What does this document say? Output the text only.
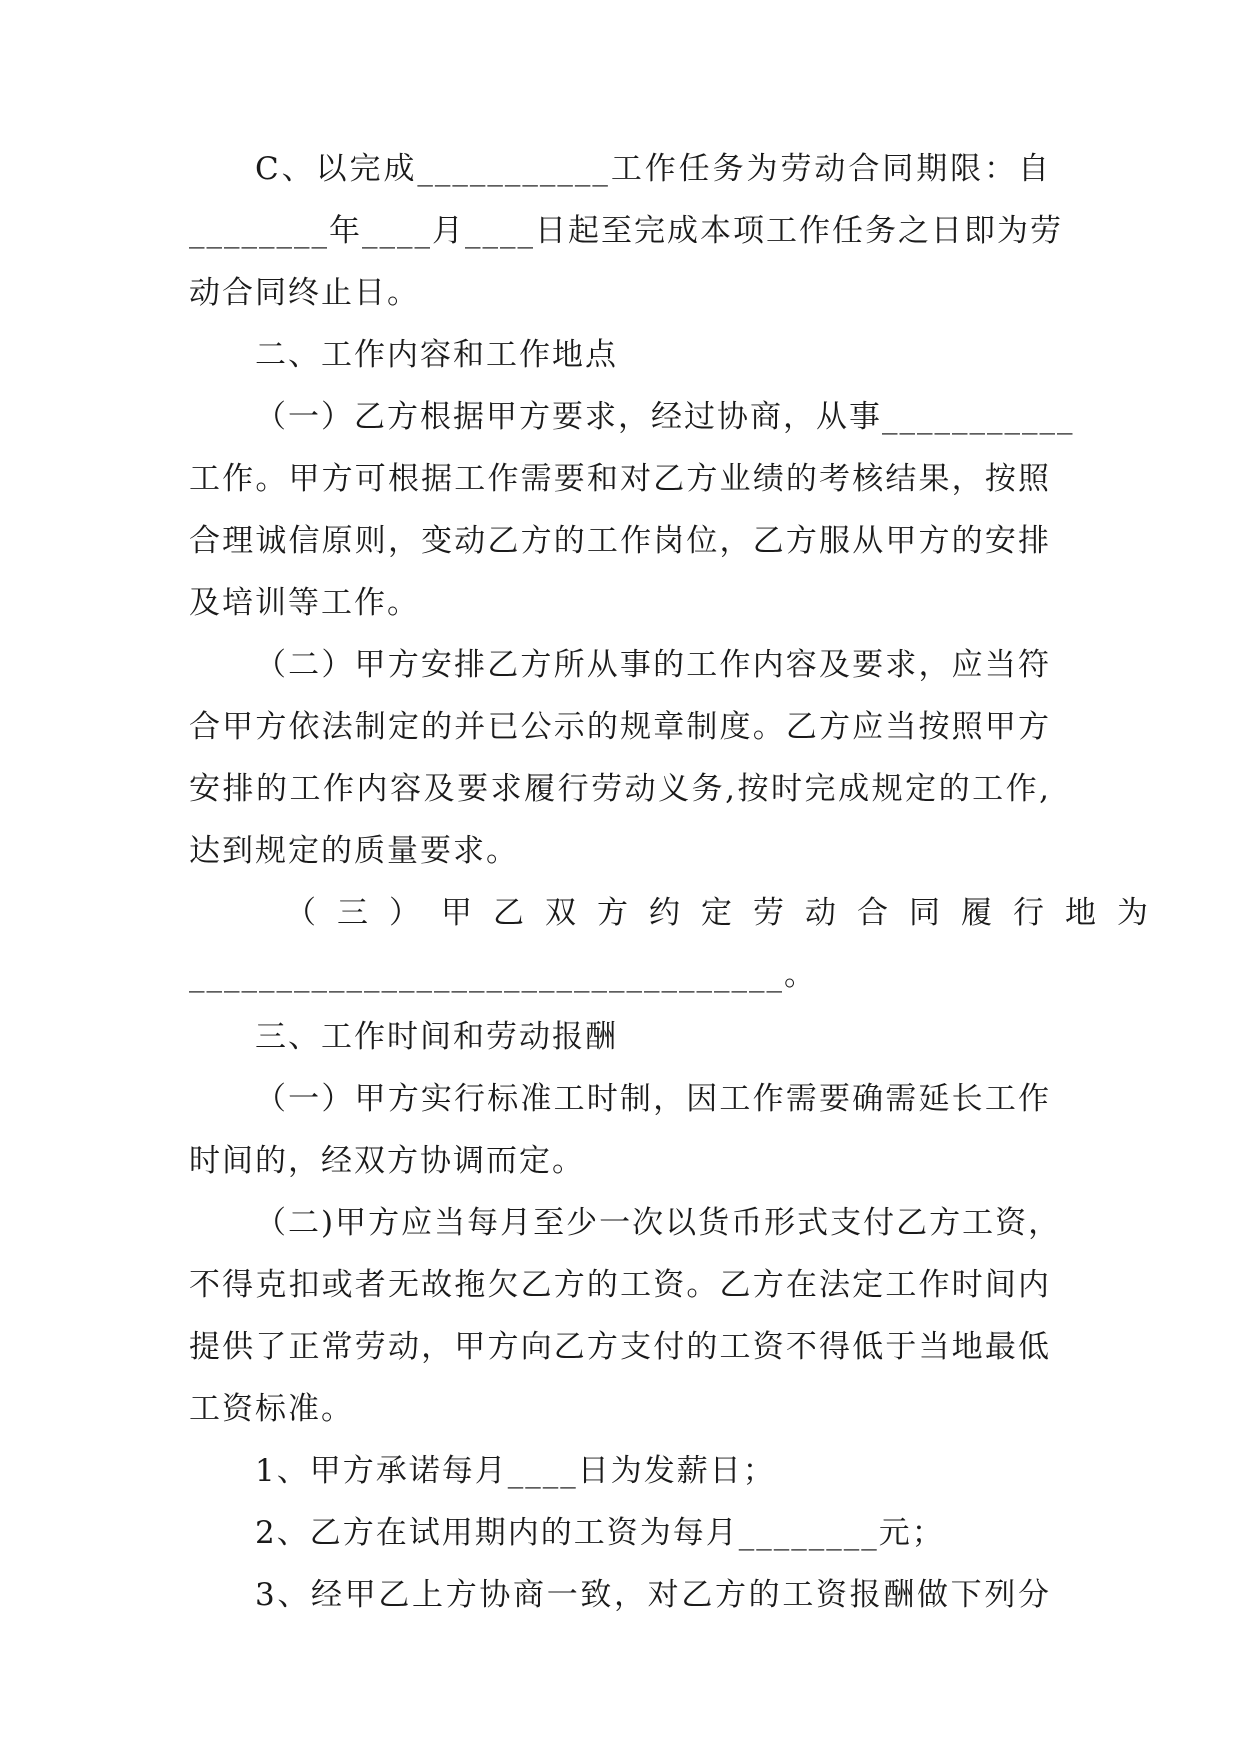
C、以完成___________工作任务为劳动合同期限：自
________年____月____日起至完成本项工作任务之日即为劳
动合同终止日。
二、工作内容和工作地点
（一）乙方根据甲方要求，经过协商，从事___________
工作。甲方可根据工作需要和对乙方业绩的考核结果，按照
合理诚信原则，变动乙方的工作岗位，乙方服从甲方的安排
及培训等工作。
（二）甲方安排乙方所从事的工作内容及要求，应当符
合甲方依法制定的并已公示的规章制度。乙方应当按照甲方
安排的工作内容及要求履行劳动义务,按时完成规定的工作,
达到规定的质量要求。
（三）甲乙双方约定劳动合同履行地为
__________________________________。
三、工作时间和劳动报酬
（一）甲方实行标准工时制，因工作需要确需延长工作
时间的，经双方协调而定。
（二)甲方应当每月至少一次以货币形式支付乙方工资，
不得克扣或者无故拖欠乙方的工资。乙方在法定工作时间内
提供了正常劳动，甲方向乙方支付的工资不得低于当地最低
工资标准。
1、甲方承诺每月____日为发薪日；
2、乙方在试用期内的工资为每月________元；
3、经甲乙上方协商一致，对乙方的工资报酬做下列分
